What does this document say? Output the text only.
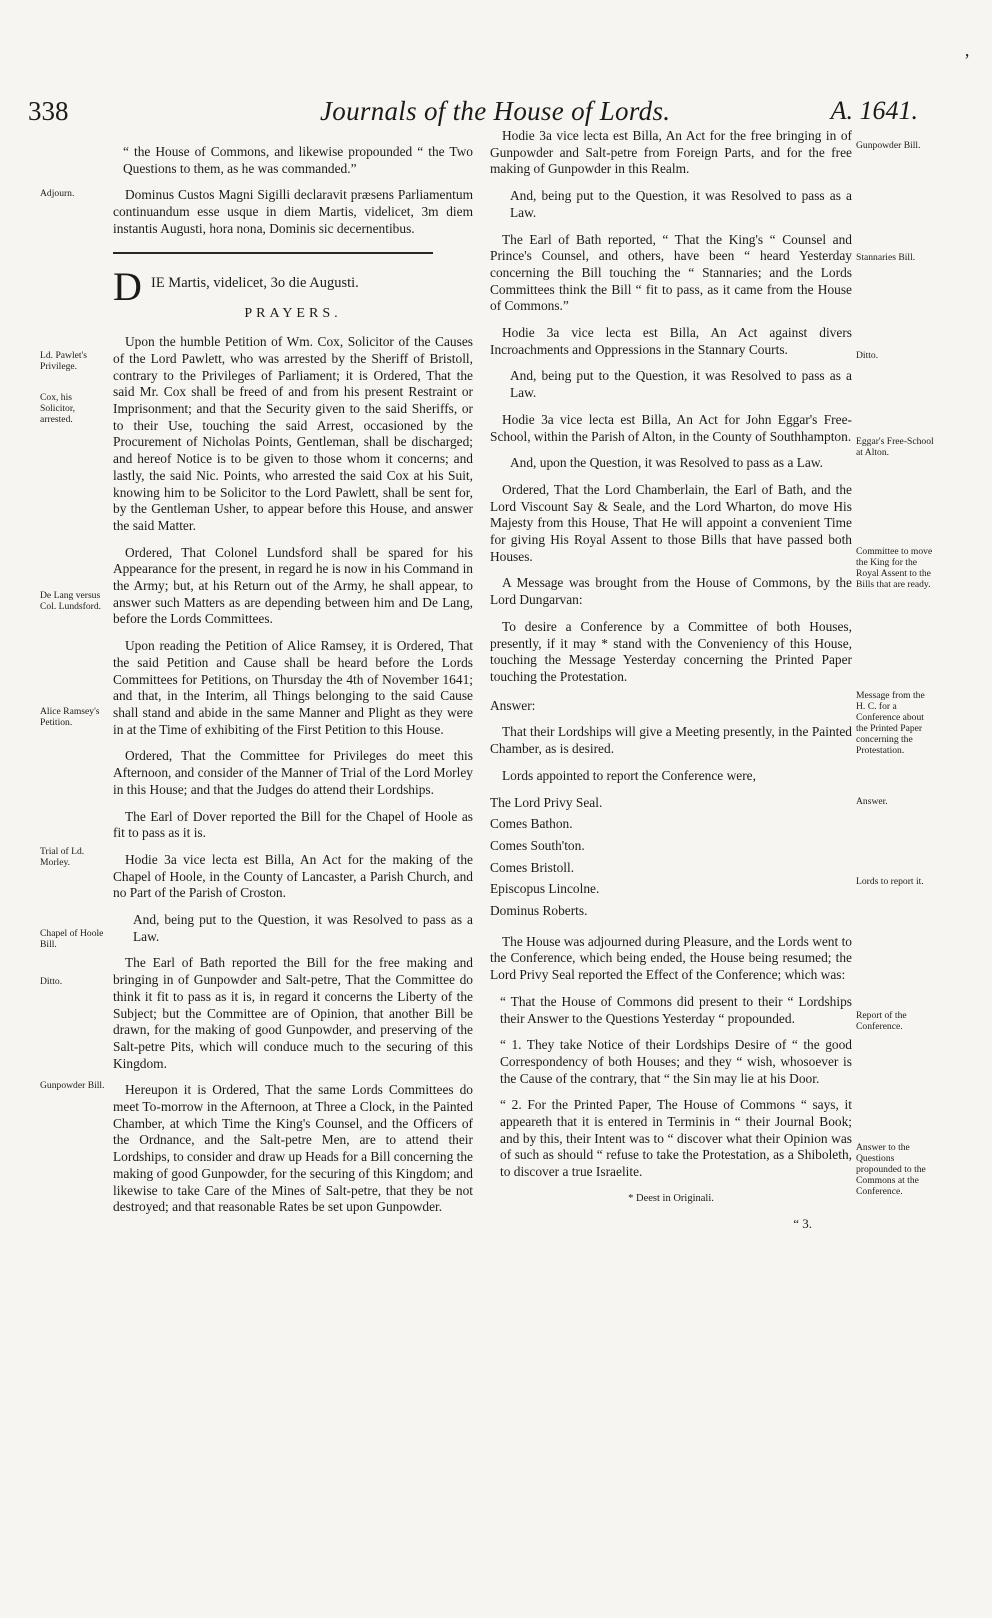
338	Journals of the House of Lords.	A. 1641.
’

“ the House of Commons, and likewise propounded “ the Two Questions to them, as he was commanded.”

Dominus Custos Magni Sigilli declaravit præsens Parliamentum continuandum esse usque in diem Martis, videlicet, 3m diem instantis Augusti, hora nona, Dominis sic decernentibus.

D IE Martis, videlicet, 3o die Augusti.
PRAYERS.

Upon the humble Petition of Wm. Cox, Solicitor of the Causes of the Lord Pawlett, who was arrested by the Sheriff of Bristoll, contrary to the Privileges of Parliament; it is Ordered, That the said Mr. Cox shall be freed of and from his present Restraint or Imprisonment; and that the Security given to the said Sheriffs, or to their Use, touching the said Arrest, occasioned by the Procurement of Nicholas Points, Gentleman, shall be discharged; and hereof Notice is to be given to those whom it concerns; and lastly, the said Nic. Points, who arrested the said Cox at his Suit, knowing him to be Solicitor to the Lord Pawlett, shall be sent for, by the Gentleman Usher, to appear before this House, and answer the said Matter.

Ordered, That Colonel Lundsford shall be spared for his Appearance for the present, in regard he is now in his Command in the Army; but, at his Return out of the Army, he shall appear, to answer such Matters as are depending between him and De Lang, before the Lords Committees.

Upon reading the Petition of Alice Ramsey, it is Ordered, That the said Petition and Cause shall be heard before the Lords Committees for Petitions, on Thursday the 4th of November 1641; and that, in the Interim, all Things belonging to the said Cause shall stand and abide in the same Manner and Plight as they were in at the Time of exhibiting of the First Petition to this House.

Ordered, That the Committee for Privileges do meet this Afternoon, and consider of the Manner of Trial of the Lord Morley in this House; and that the Judges do attend their Lordships.

The Earl of Dover reported the Bill for the Chapel of Hoole as fit to pass as it is.

Hodie 3a vice lecta est Billa, An Act for the making of the Chapel of Hoole, in the County of Lancaster, a Parish Church, and no Part of the Parish of Croston.

And, being put to the Question, it was Resolved to pass as a Law.

The Earl of Bath reported the Bill for the free making and bringing in of Gunpowder and Salt-petre, That the Committee do think it fit to pass as it is, in regard it concerns the Liberty of the Subject; but the Committee are of Opinion, that another Bill be drawn, for the making of good Gunpowder, and preserving of the Salt-petre Pits, which will conduce much to the securing of this Kingdom.

Hereupon it is Ordered, That the same Lords Committees do meet To-morrow in the Afternoon, at Three a Clock, in the Painted Chamber, at which Time the King's Counsel, and the Officers of the Ordnance, and the Salt-petre Men, are to attend their Lordships, to consider and draw up Heads for a Bill concerning the making of good Gunpowder, for the securing of this Kingdom; and likewise to take Care of the Mines of Salt-petre, that they be not destroyed; and that reasonable Rates be set upon Gunpowder.

Hodie 3a vice lecta est Billa, An Act for the free bringing in of Gunpowder and Salt-petre from Foreign Parts, and for the free making of Gunpowder in this Realm.

And, being put to the Question, it was Resolved to pass as a Law.

The Earl of Bath reported, “ That the King's “ Counsel and Prince's Counsel, and others, have been “ heard Yesterday concerning the Bill touching the “ Stannaries; and the Lords Committees think the Bill “ fit to pass, as it came from the House of Commons.”

Hodie 3a vice lecta est Billa, An Act against divers Incroachments and Oppressions in the Stannary Courts.

And, being put to the Question, it was Resolved to pass as a Law.

Hodie 3a vice lecta est Billa, An Act for John Eggar's Free-School, within the Parish of Alton, in the County of Southhampton.

And, upon the Question, it was Resolved to pass as a Law.

Ordered, That the Lord Chamberlain, the Earl of Bath, and the Lord Viscount Say & Seale, and the Lord Wharton, do move His Majesty from this House, That He will appoint a convenient Time for giving His Royal Assent to those Bills that have passed both Houses.

A Message was brought from the House of Commons, by the Lord Dungarvan:

To desire a Conference by a Committee of both Houses, presently, if it may * stand with the Conveniency of this House, touching the Message Yesterday concerning the Printed Paper touching the Protestation.

Answer:

That their Lordships will give a Meeting presently, in the Painted Chamber, as is desired.

Lords appointed to report the Conference were,

The Lord Privy Seal.
Comes Bathon.
Comes South'ton.
Comes Bristoll.
Episcopus Lincolne.
Dominus Roberts.

The House was adjourned during Pleasure, and the Lords went to the Conference, which being ended, the House being resumed; the Lord Privy Seal reported the Effect of the Conference; which was:

“ That the House of Commons did present to their “ Lordships their Answer to the Questions Yesterday “ propounded.

“ 1. They take Notice of their Lordships Desire of “ the good Correspondency of both Houses; and they “ wish, whosoever is the Cause of the contrary, that “ the Sin may lie at his Door.

“ 2. For the Printed Paper, The House of Commons “ says, it appeareth that it is entered in Terminis in “ their Journal Book; and by this, their Intent was to “ discover what their Opinion was of such as should “ refuse to take the Protestation, as a Shiboleth, to discover a true Israelite.

* Deest in Originali.
“ 3.
Adjourn.
Ld. Pawlet's Privilege.
Cox, his Solicitor, arrested.
De Lang versus Col. Lundsford.
Alice Ramsey's Petition.
Trial of Ld. Morley.
Chapel of Hoole Bill.
Ditto.
Gunpowder Bill.
Gunpowder Bill.
Stannaries Bill.
Ditto.
Eggar's Free-School at Alton.
Committee to move the King for the Royal Assent to the Bills that are ready.
Message from the H. C. for a Conference about the Printed Paper concerning the Protestation.
Answer.
Lords to report it.
Report of the Conference.
Answer to the Questions propounded to the Commons at the Conference.
